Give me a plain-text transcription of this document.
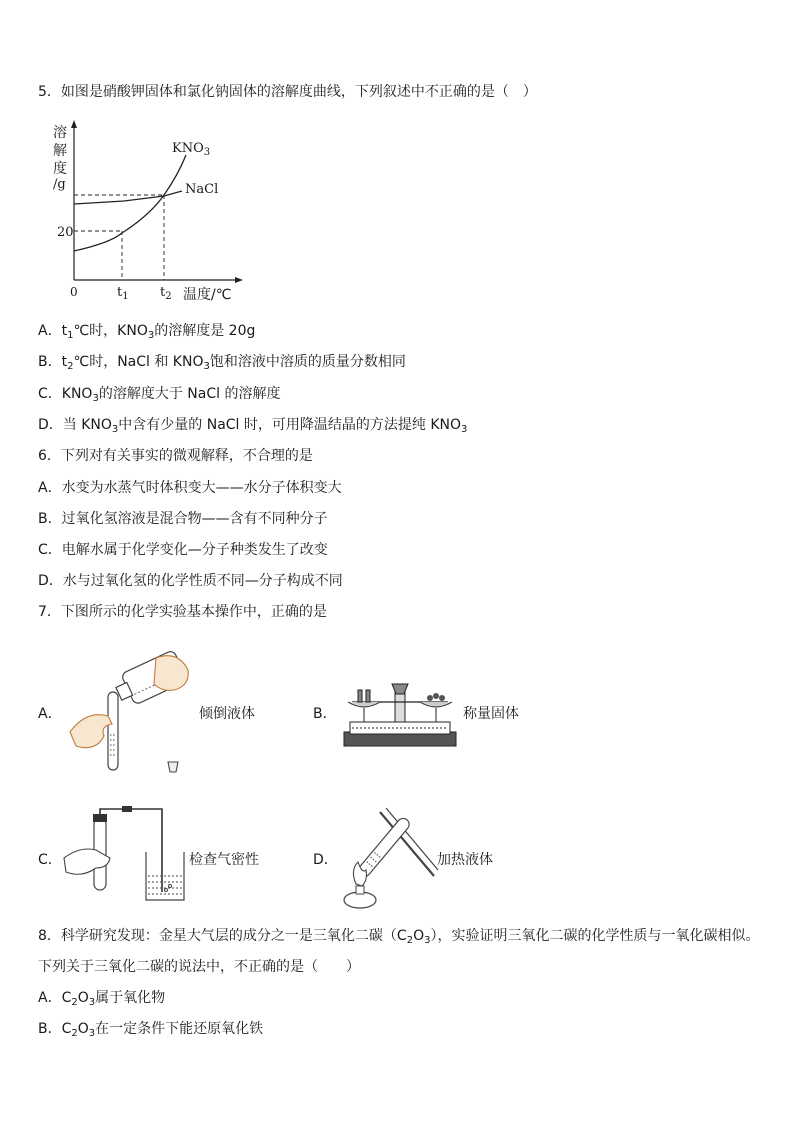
5．如图是硝酸钾固体和氯化钠固体的溶解度曲线，下列叙述中不正确的是（　）
溶
解
度
/g
20
0	$t_1$ $t_2$ 温度/℃
$KNO_3$
NaCl
A．$t_1℃$时，$KNO_3$的溶解度是 20g
B．$t_2℃$时，NaCl 和 $KNO_3$饱和溶液中溶质的质量分数相同
C．$KNO_3$的溶解度大于 NaCl 的溶解度
D．当 $KNO_3$中含有少量的 NaCl 时，可用降温结晶的方法提纯 $KNO_3$
6．下列对有关事实的微观解释，不合理的是
A．水变为水蒸气时体积变大——水分子体积变大
B．过氧化氢溶液是混合物——含有不同种分子
C．电解水属于化学变化—分子种类发生了改变
D．水与过氧化氢的化学性质不同—分子构成不同
7．下图所示的化学实验基本操作中，正确的是
A．	倾倒液体	B．	称量固体
C．	检查气密性	D．	加热液体
8．科学研究发现：金星大气层的成分之一是三氧化二碳$(C_2O_3)$，实验证明三氧化二碳的化学性质与一氧化碳相似。
下列关于三氧化二碳的说法中，不正确的是（　　）
A．$C_2O_3$属于氧化物
B．$C_2O_3$在一定条件下能还原氧化铁
